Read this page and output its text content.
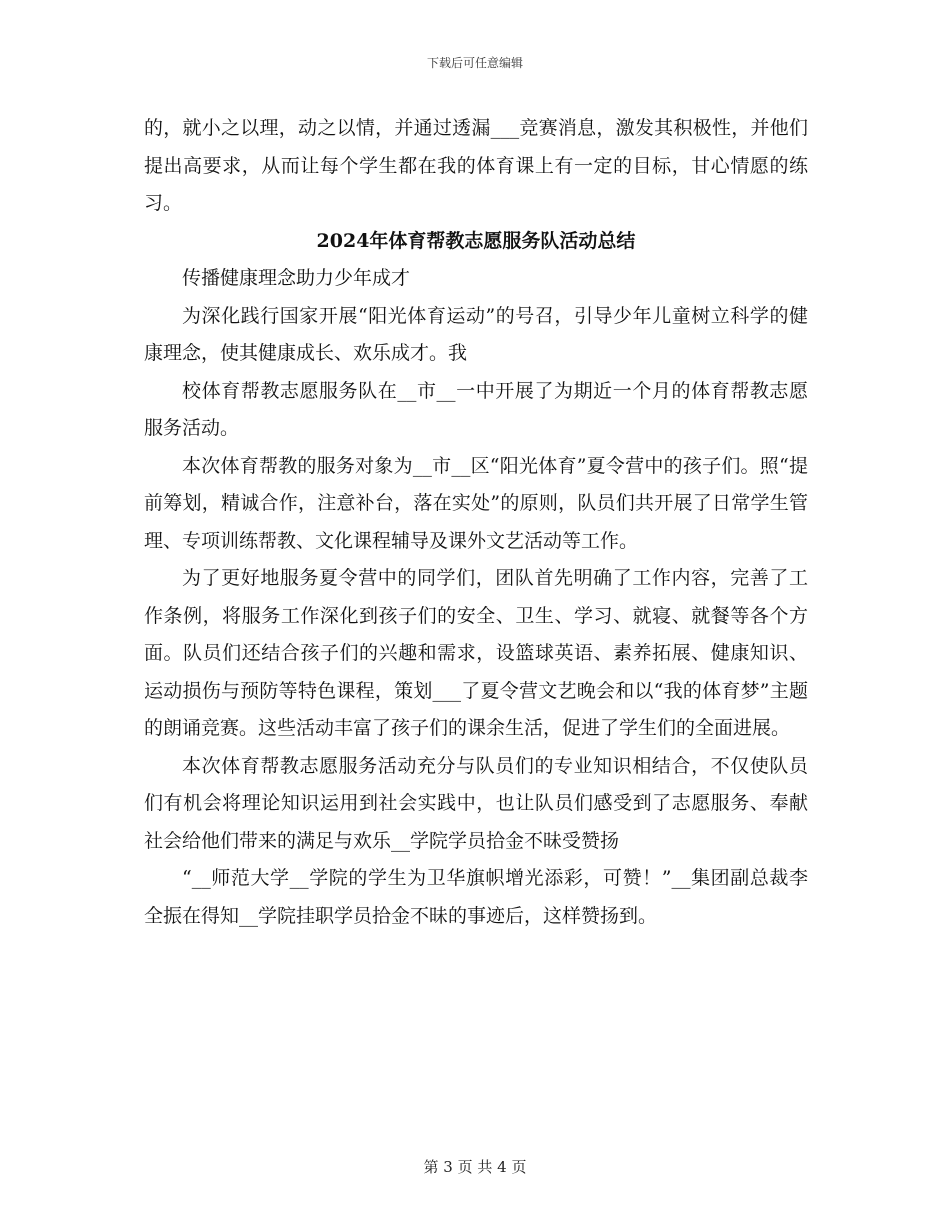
下载后可任意编辑

的，就小之以理，动之以情，并通过透漏___竞赛消息，激发其积极性，并他们提出高要求，从而让每个学生都在我的体育课上有一定的目标，甘心情愿的练习。

2024年体育帮教志愿服务队活动总结

传播健康理念助力少年成才

为深化践行国家开展“阳光体育运动”的号召，引导少年儿童树立科学的健康理念，使其健康成长、欢乐成才。我

校体育帮教志愿服务队在__市__一中开展了为期近一个月的体育帮教志愿服务活动。

本次体育帮教的服务对象为__市__区“阳光体育”夏令营中的孩子们。照“提前筹划，精诚合作，注意补台，落在实处”的原则，队员们共开展了日常学生管理、专项训练帮教、文化课程辅导及课外文艺活动等工作。

为了更好地服务夏令营中的同学们，团队首先明确了工作内容，完善了工作条例，将服务工作深化到孩子们的安全、卫生、学习、就寝、就餐等各个方面。队员们还结合孩子们的兴趣和需求，设篮球英语、素养拓展、健康知识、运动损伤与预防等特色课程，策划___了夏令营文艺晚会和以“我的体育梦”主题的朗诵竞赛。这些活动丰富了孩子们的课余生活，促进了学生们的全面进展。

本次体育帮教志愿服务活动充分与队员们的专业知识相结合，不仅使队员们有机会将理论知识运用到社会实践中，也让队员们感受到了志愿服务、奉献社会给他们带来的满足与欢乐__学院学员拾金不昧受赞扬

“__师范大学__学院的学生为卫华旗帜增光添彩，可赞！”__集团副总裁李全振在得知__学院挂职学员拾金不昧的事迹后，这样赞扬到。

第 3 页 共 4 页
